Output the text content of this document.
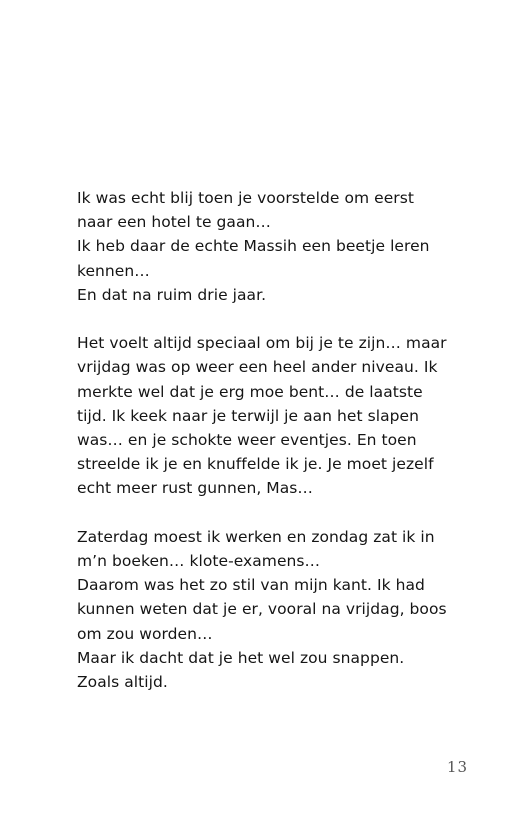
Ik was echt blij toen je voorstelde om eerst
naar een hotel te gaan…
Ik heb daar de echte Massih een beetje leren
kennen…
En dat na ruim drie jaar.

Het voelt altijd speciaal om bij je te zijn… maar
vrijdag was op weer een heel ander niveau. Ik
merkte wel dat je erg moe bent… de laatste
tijd. Ik keek naar je terwijl je aan het slapen
was… en je schokte weer eventjes. En toen
streelde ik je en knuffelde ik je. Je moet jezelf
echt meer rust gunnen, Mas…

Zaterdag moest ik werken en zondag zat ik in
m’n boeken… klote-examens…
Daarom was het zo stil van mijn kant. Ik had
kunnen weten dat je er, vooral na vrijdag, boos
om zou worden…
Maar ik dacht dat je het wel zou snappen.
Zoals altijd.

13
